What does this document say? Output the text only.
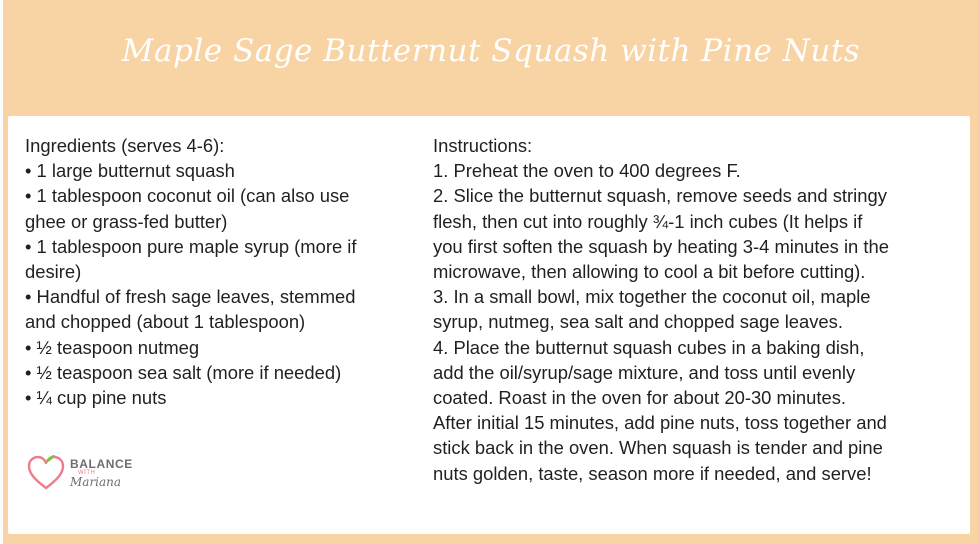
Maple Sage Butternut Squash with Pine Nuts
Ingredients (serves 4-6):
• 1 large butternut squash
• 1 tablespoon coconut oil (can also use
ghee or grass-fed butter)
• 1 tablespoon pure maple syrup (more if
desire)
• Handful of fresh sage leaves, stemmed
and chopped (about 1 tablespoon)
• ½ teaspoon nutmeg
• ½ teaspoon sea salt (more if needed)
• ¼ cup pine nuts
Instructions:
1. Preheat the oven to 400 degrees F.
2. Slice the butternut squash, remove seeds and stringy
flesh, then cut into roughly ¾-1 inch cubes (It helps if
you first soften the squash by heating 3-4 minutes in the
microwave, then allowing to cool a bit before cutting).
3. In a small bowl, mix together the coconut oil, maple
syrup, nutmeg, sea salt and chopped sage leaves.
4. Place the butternut squash cubes in a baking dish,
add the oil/syrup/sage mixture, and toss until evenly
coated. Roast in the oven for about 20-30 minutes.
After initial 15 minutes, add pine nuts, toss together and
stick back in the oven. When squash is tender and pine
nuts golden, taste, season more if needed, and serve!
BALANCE
WITH
Mariana
